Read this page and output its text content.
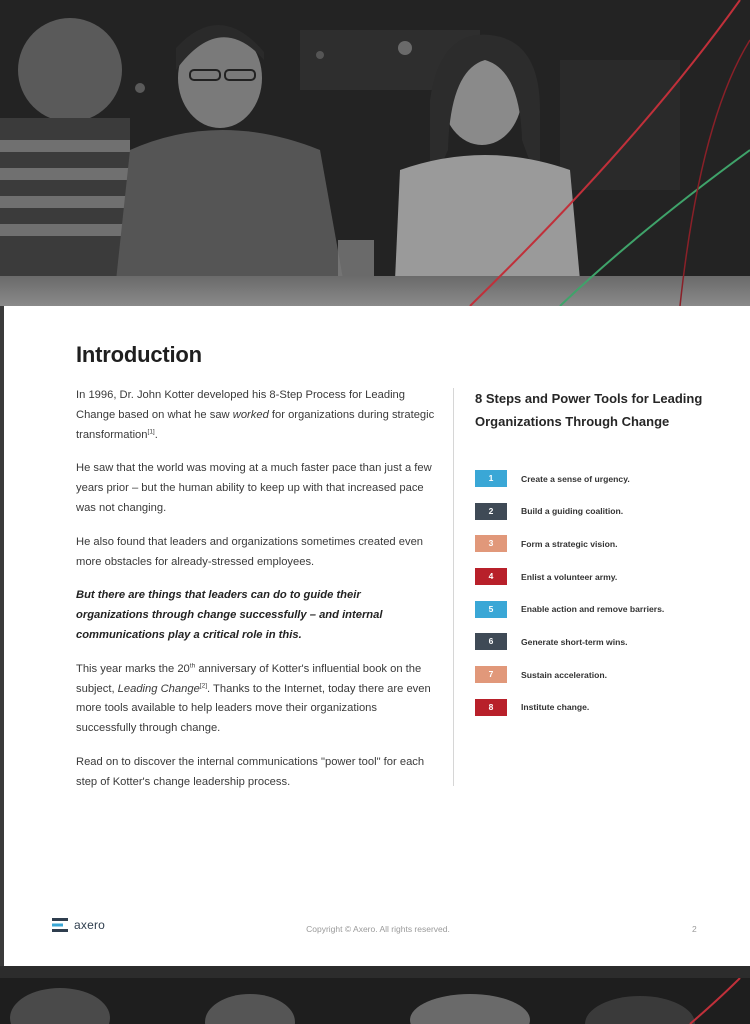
Introduction

In 1996, Dr. John Kotter developed his 8-Step Process for Leading Change based on what he saw worked for organizations during strategic transformation[1].

He saw that the world was moving at a much faster pace than just a few years prior – but the human ability to keep up with that increased pace was not changing.

He also found that leaders and organizations sometimes created even more obstacles for already-stressed employees.

But there are things that leaders can do to guide their organizations through change successfully – and internal communications play a critical role in this.

This year marks the 20th anniversary of Kotter's influential book on the subject, Leading Change[2]. Thanks to the Internet, today there are even more tools available to help leaders move their organizations successfully through change.

Read on to discover the internal communications "power tool" for each step of Kotter's change leadership process.

8 Steps and Power Tools for Leading Organizations Through Change
1	Create a sense of urgency.
2	Build a guiding coalition.
3	Form a strategic vision.
4	Enlist a volunteer army.
5	Enable action and remove barriers.
6	Generate short-term wins.
7	Sustain acceleration.
8	Institute change.
axero	Copyright © Axero. All rights reserved.	2
